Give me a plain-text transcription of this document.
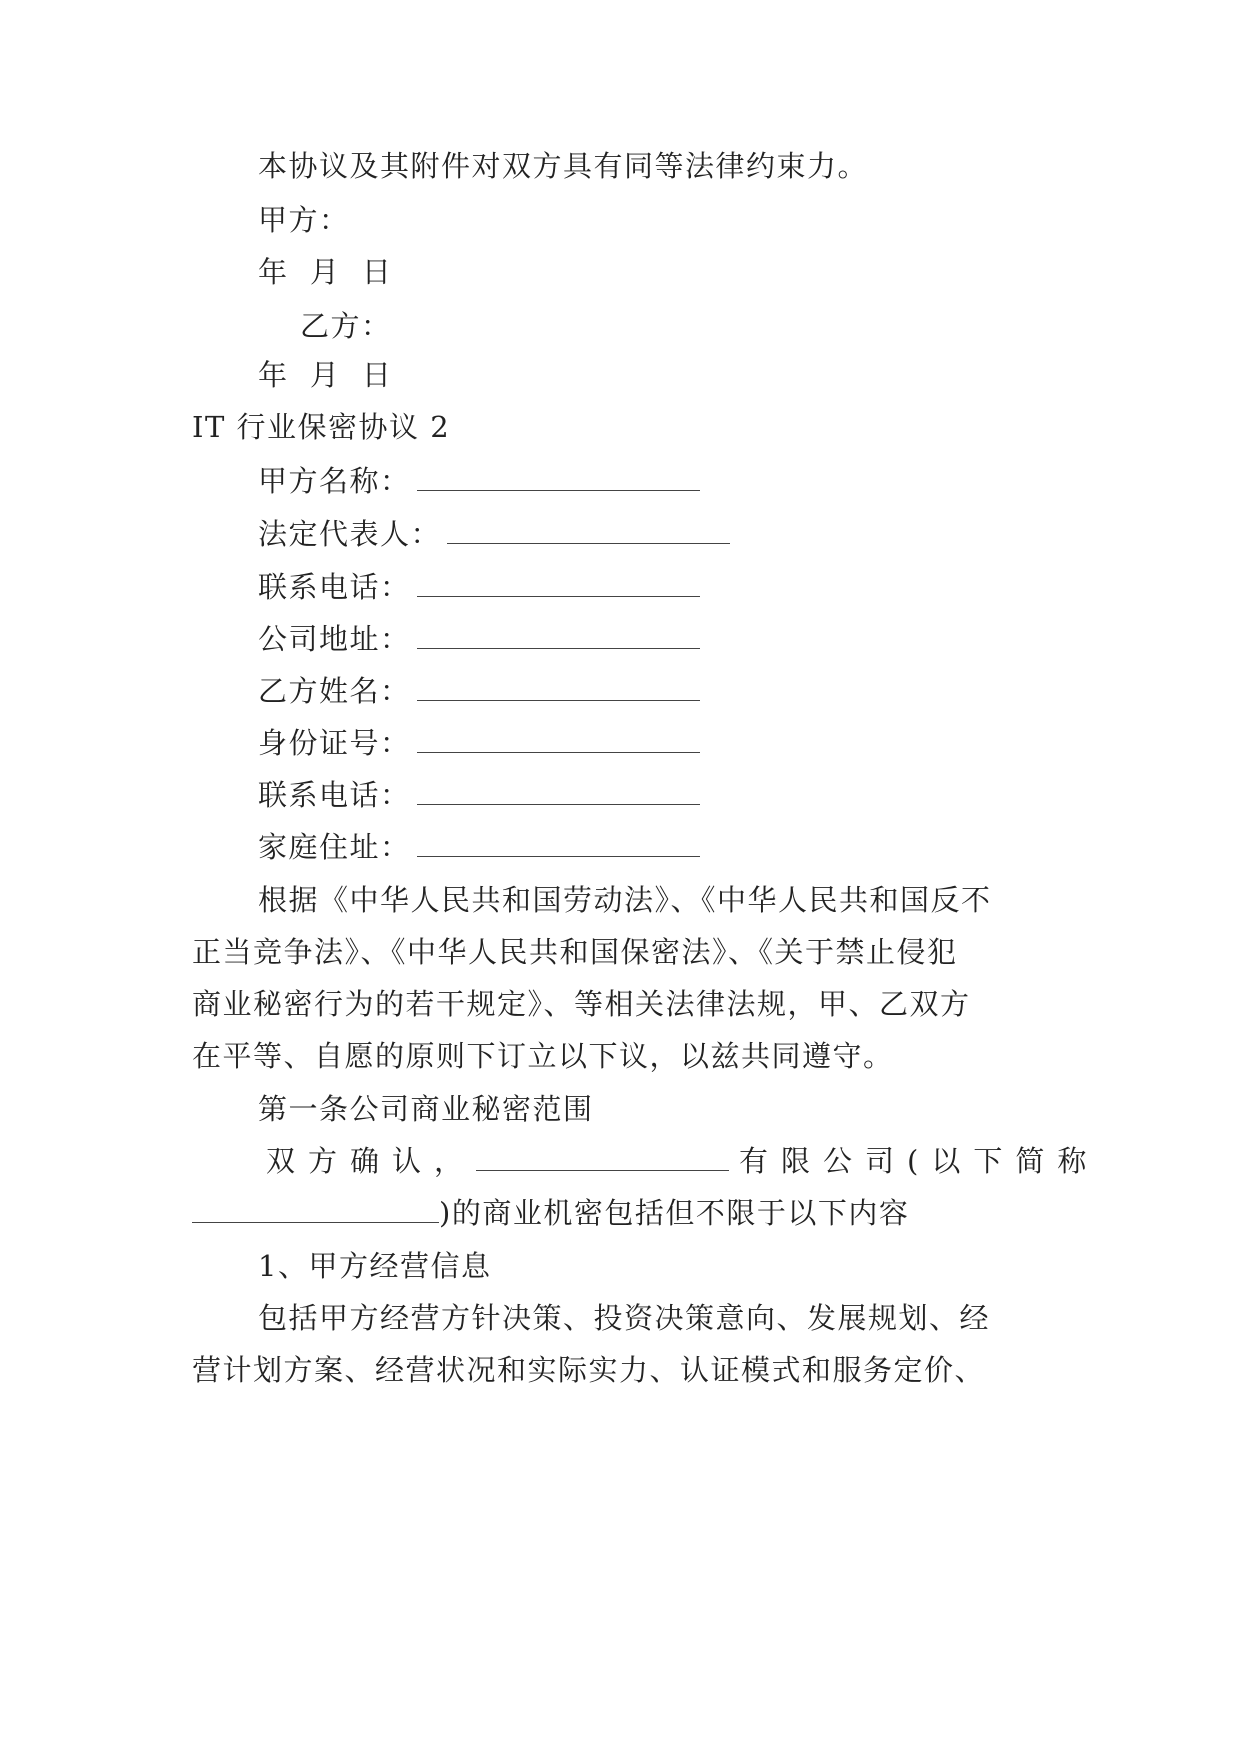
本协议及其附件对双方具有同等法律约束力。
甲方：
年  月  日
乙方：
年  月  日
IT 行业保密协议 2
甲方名称：
法定代表人：
联系电话：
公司地址：
乙方姓名：
身份证号：
联系电话：
家庭住址：
根据《中华人民共和国劳动法》、《中华人民共和国反不
正当竞争法》、《中华人民共和国保密法》、《关于禁止侵犯
商业秘密行为的若干规定》、等相关法律法规，甲、乙双方
在平等、自愿的原则下订立以下议，以兹共同遵守。
第一条公司商业秘密范围
双方确认，	有限公司(以下简称
)的商业机密包括但不限于以下内容
1、甲方经营信息
包括甲方经营方针决策、投资决策意向、发展规划、经
营计划方案、经营状况和实际实力、认证模式和服务定价、
